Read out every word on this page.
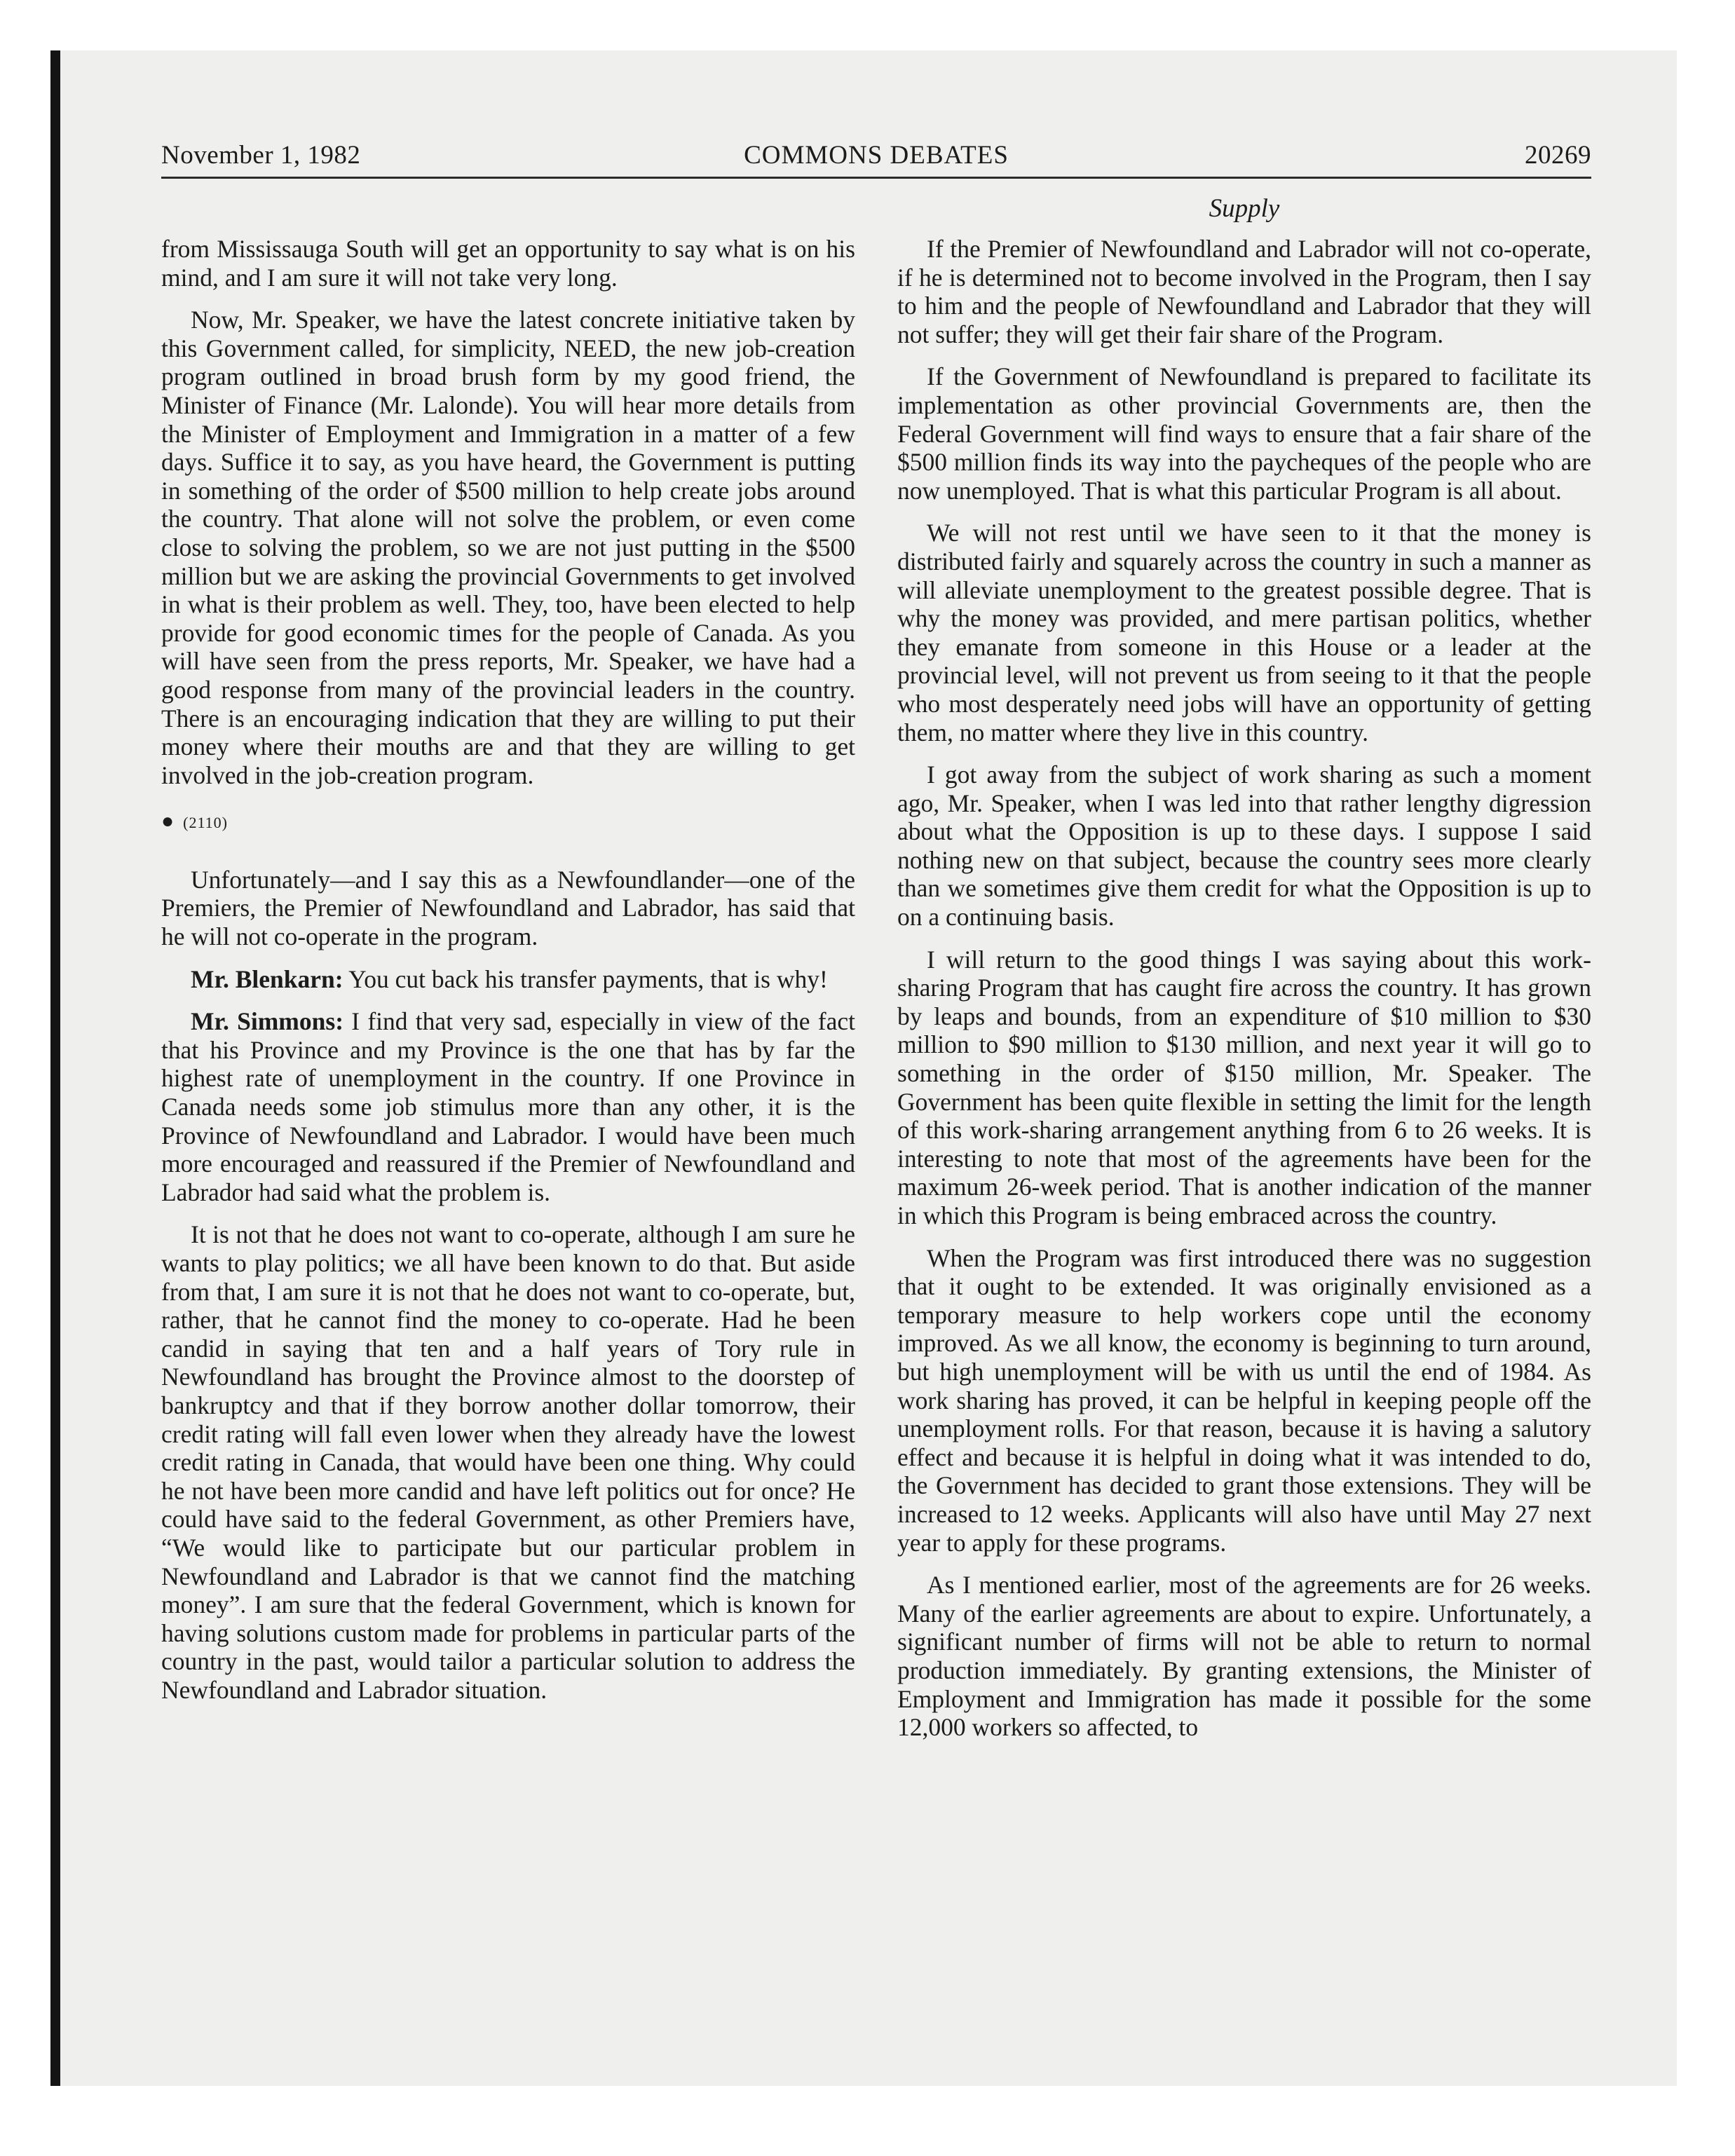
November 1, 1982	COMMONS DEBATES	20269
Supply

from Mississauga South will get an opportunity to say what is on his mind, and I am sure it will not take very long.

Now, Mr. Speaker, we have the latest concrete initiative taken by this Government called, for simplicity, NEED, the new job-creation program outlined in broad brush form by my good friend, the Minister of Finance (Mr. Lalonde). You will hear more details from the Minister of Employment and Immigration in a matter of a few days. Suffice it to say, as you have heard, the Government is putting in something of the order of $500 million to help create jobs around the country. That alone will not solve the problem, or even come close to solving the problem, so we are not just putting in the $500 million but we are asking the provincial Governments to get involved in what is their problem as well. They, too, have been elected to help provide for good economic times for the people of Canada. As you will have seen from the press reports, Mr. Speaker, we have had a good response from many of the provincial leaders in the country. There is an encouraging indication that they are willing to put their money where their mouths are and that they are willing to get involved in the job-creation program.

● (2110)

Unfortunately—and I say this as a Newfoundlander—one of the Premiers, the Premier of Newfoundland and Labrador, has said that he will not co-operate in the program.

Mr. Blenkarn: You cut back his transfer payments, that is why!

Mr. Simmons: I find that very sad, especially in view of the fact that his Province and my Province is the one that has by far the highest rate of unemployment in the country. If one Province in Canada needs some job stimulus more than any other, it is the Province of Newfoundland and Labrador. I would have been much more encouraged and reassured if the Premier of Newfoundland and Labrador had said what the problem is.

It is not that he does not want to co-operate, although I am sure he wants to play politics; we all have been known to do that. But aside from that, I am sure it is not that he does not want to co-operate, but, rather, that he cannot find the money to co-operate. Had he been candid in saying that ten and a half years of Tory rule in Newfoundland has brought the Province almost to the doorstep of bankruptcy and that if they borrow another dollar tomorrow, their credit rating will fall even lower when they already have the lowest credit rating in Canada, that would have been one thing. Why could he not have been more candid and have left politics out for once? He could have said to the federal Government, as other Premiers have, “We would like to participate but our particular problem in Newfoundland and Labrador is that we cannot find the matching money”. I am sure that the federal Government, which is known for having solutions custom made for problems in particular parts of the country in the past, would tailor a particular solution to address the Newfoundland and Labrador situation.

If the Premier of Newfoundland and Labrador will not co-operate, if he is determined not to become involved in the Program, then I say to him and the people of Newfoundland and Labrador that they will not suffer; they will get their fair share of the Program.

If the Government of Newfoundland is prepared to facilitate its implementation as other provincial Governments are, then the Federal Government will find ways to ensure that a fair share of the $500 million finds its way into the paycheques of the people who are now unemployed. That is what this particular Program is all about.

We will not rest until we have seen to it that the money is distributed fairly and squarely across the country in such a manner as will alleviate unemployment to the greatest possible degree. That is why the money was provided, and mere partisan politics, whether they emanate from someone in this House or a leader at the provincial level, will not prevent us from seeing to it that the people who most desperately need jobs will have an opportunity of getting them, no matter where they live in this country.

I got away from the subject of work sharing as such a moment ago, Mr. Speaker, when I was led into that rather lengthy digression about what the Opposition is up to these days. I suppose I said nothing new on that subject, because the country sees more clearly than we sometimes give them credit for what the Opposition is up to on a continuing basis.

I will return to the good things I was saying about this work-sharing Program that has caught fire across the country. It has grown by leaps and bounds, from an expenditure of $10 million to $30 million to $90 million to $130 million, and next year it will go to something in the order of $150 million, Mr. Speaker. The Government has been quite flexible in setting the limit for the length of this work-sharing arrangement anything from 6 to 26 weeks. It is interesting to note that most of the agreements have been for the maximum 26-week period. That is another indication of the manner in which this Program is being embraced across the country.

When the Program was first introduced there was no suggestion that it ought to be extended. It was originally envisioned as a temporary measure to help workers cope until the economy improved. As we all know, the economy is beginning to turn around, but high unemployment will be with us until the end of 1984. As work sharing has proved, it can be helpful in keeping people off the unemployment rolls. For that reason, because it is having a salutory effect and because it is helpful in doing what it was intended to do, the Government has decided to grant those extensions. They will be increased to 12 weeks. Applicants will also have until May 27 next year to apply for these programs.

As I mentioned earlier, most of the agreements are for 26 weeks. Many of the earlier agreements are about to expire. Unfortunately, a significant number of firms will not be able to return to normal production immediately. By granting extensions, the Minister of Employment and Immigration has made it possible for the some 12,000 workers so affected, to
